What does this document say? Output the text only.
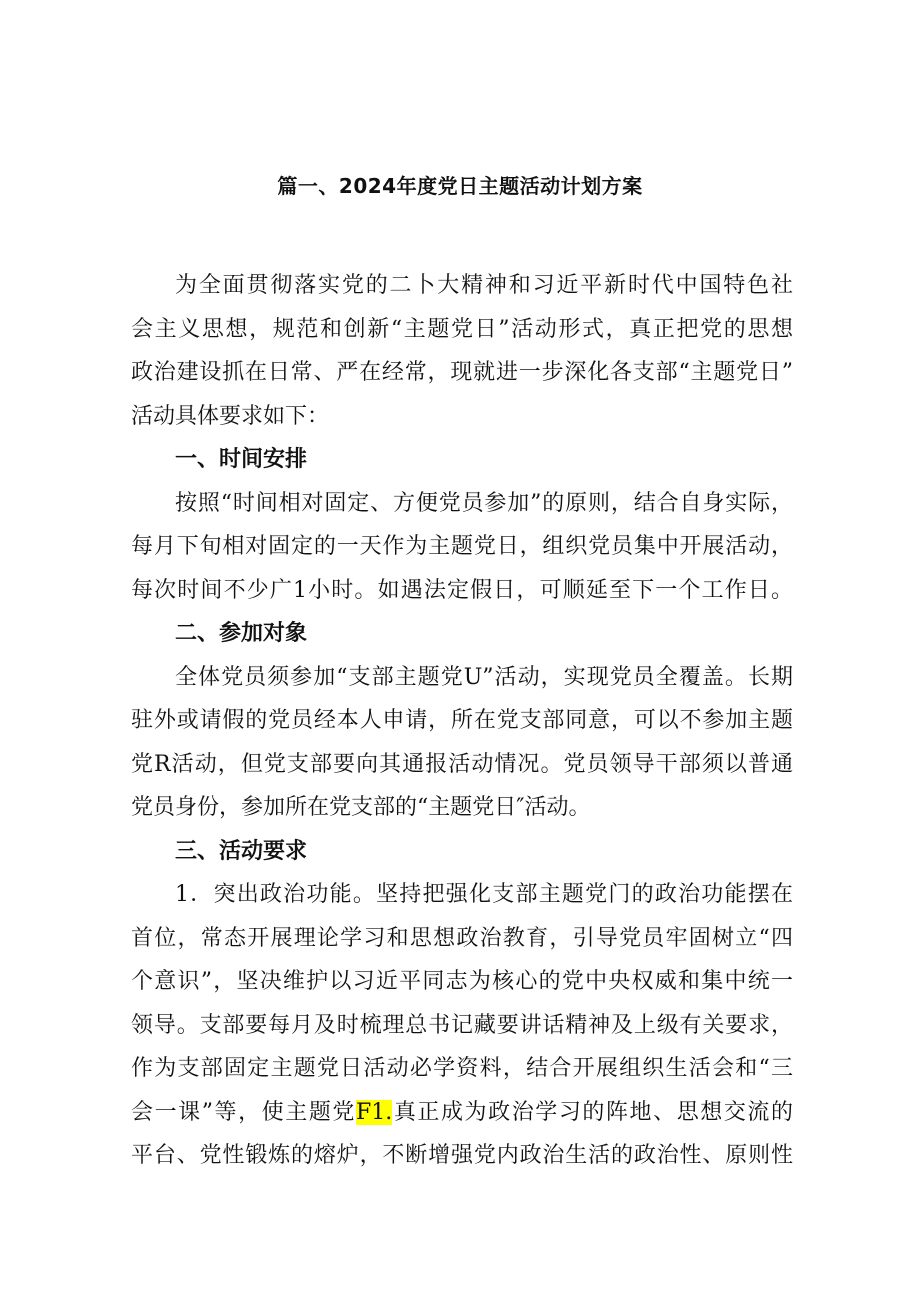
篇一、2024年度党日主题活动计划方案
为全面贯彻落实党的二卜大精神和习近平新时代中国特色社
会主义思想，规范和创新“主题党日”活动形式，真正把党的思想
政治建设抓在日常、严在经常，现就进一步深化各支部“主题党日”
活动具体要求如下：
一、时间安排
按照“时间相对固定、方便党员参加”的原则，结合自身实际，
每月下旬相对固定的一天作为主题党日，组织党员集中开展活动，
每次时间不少广1小时。如遇法定假日，可顺延至下一个工作日。
二、参加对象
全体党员须参加“支部主题党U”活动，实现党员全覆盖。长期
驻外或请假的党员经本人申请，所在党支部同意，可以不参加主题
党R活动，但党支部要向其通报活动情况。党员领导干部须以普通
党员身份，参加所在党支部的“主题党日″活动。
三、活动要求
1．突出政治功能。坚持把强化支部主题党门的政治功能摆在
首位，常态开展理论学习和思想政治教育，引导党员牢固树立“四
个意识”，坚决维护以习近平同志为核心的党中央权威和集中统一
领导。支部要每月及时梳理总书记藏要讲话精神及上级有关要求，
作为支部固定主题党日活动必学资料，结合开展组织生活会和“三
会一课”等，使主题党F1.真正成为政治学习的阵地、思想交流的
平台、党性锻炼的熔炉，不断增强党内政治生活的政治性、原则性
